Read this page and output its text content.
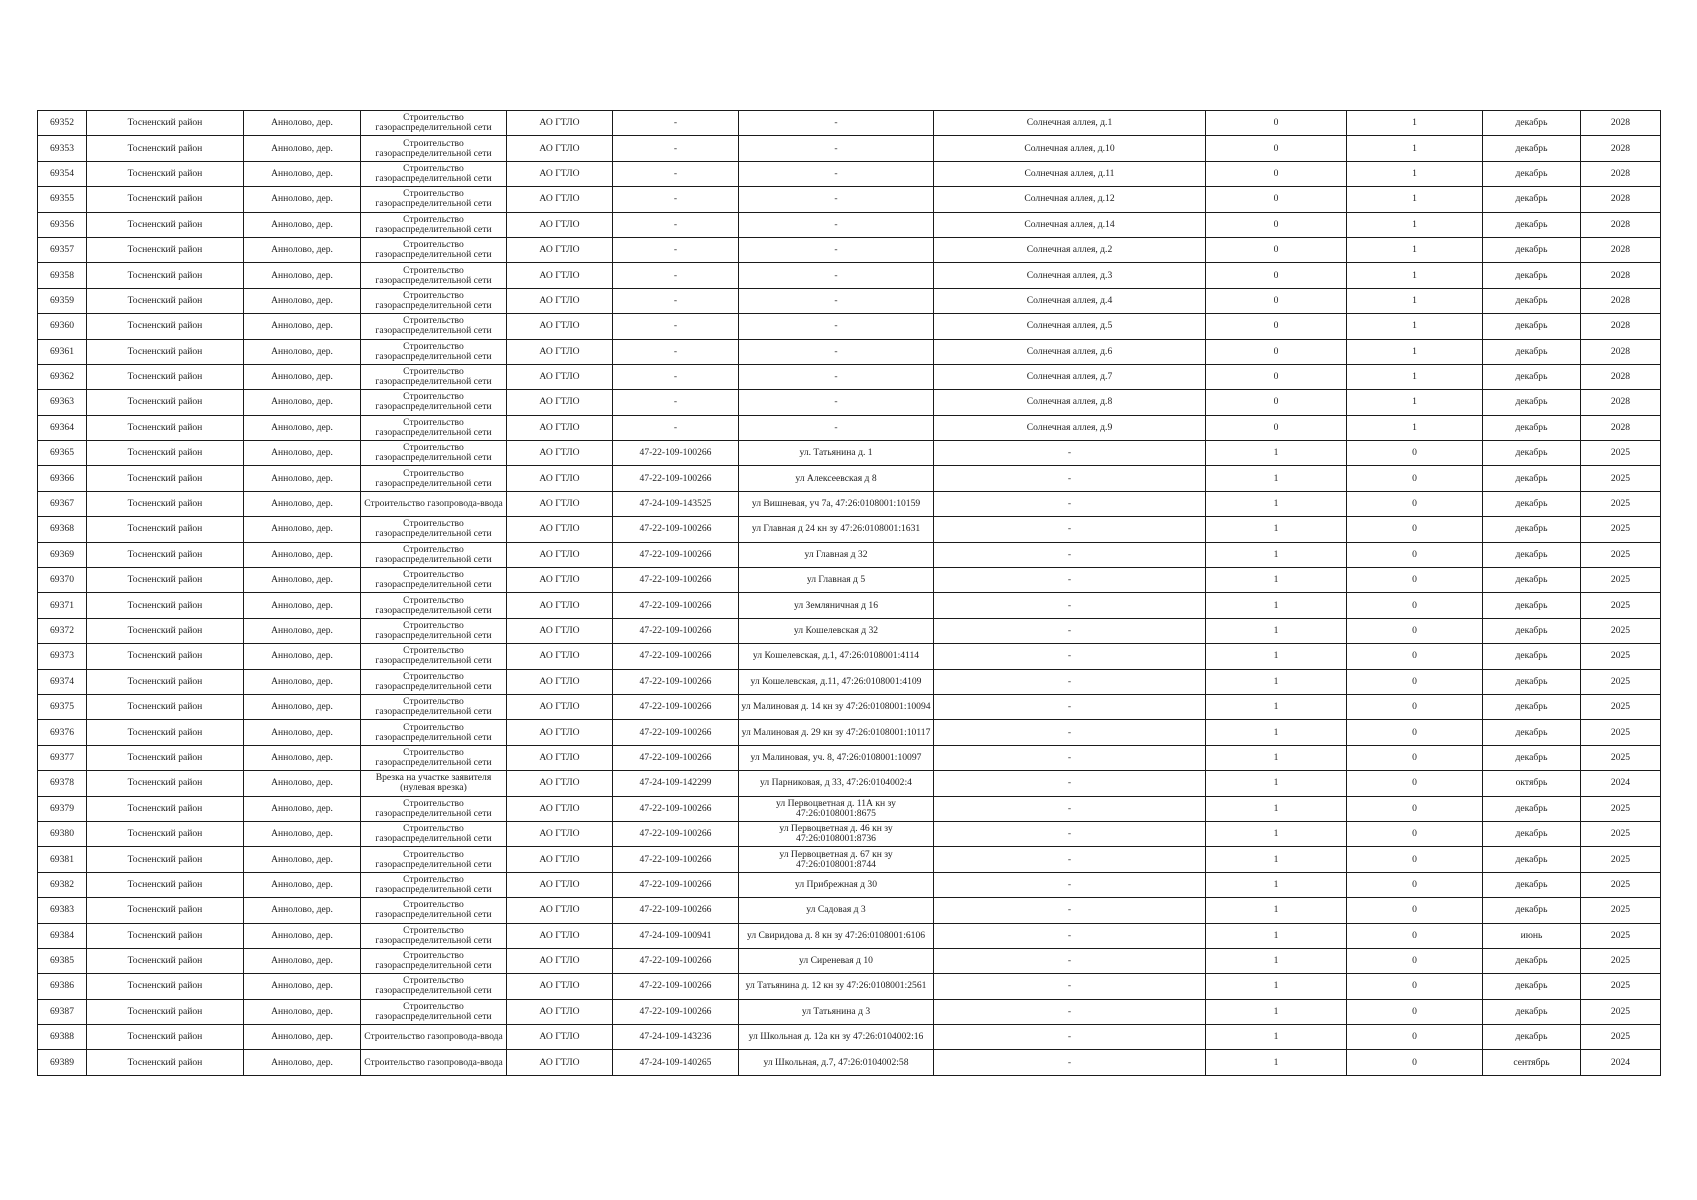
69352	Тосненский район	Аннолово, дер.	Строительство газораспределительной сети	АО ГТЛО	-	-	Солнечная аллея, д.1	0	1	декабрь	2028
69353	Тосненский район	Аннолово, дер.	Строительство газораспределительной сети	АО ГТЛО	-	-	Солнечная аллея, д.10	0	1	декабрь	2028
69354	Тосненский район	Аннолово, дер.	Строительство газораспределительной сети	АО ГТЛО	-	-	Солнечная аллея, д.11	0	1	декабрь	2028
69355	Тосненский район	Аннолово, дер.	Строительство газораспределительной сети	АО ГТЛО	-	-	Солнечная аллея, д.12	0	1	декабрь	2028
69356	Тосненский район	Аннолово, дер.	Строительство газораспределительной сети	АО ГТЛО	-	-	Солнечная аллея, д.14	0	1	декабрь	2028
69357	Тосненский район	Аннолово, дер.	Строительство газораспределительной сети	АО ГТЛО	-	-	Солнечная аллея, д.2	0	1	декабрь	2028
69358	Тосненский район	Аннолово, дер.	Строительство газораспределительной сети	АО ГТЛО	-	-	Солнечная аллея, д.3	0	1	декабрь	2028
69359	Тосненский район	Аннолово, дер.	Строительство газораспределительной сети	АО ГТЛО	-	-	Солнечная аллея, д.4	0	1	декабрь	2028
69360	Тосненский район	Аннолово, дер.	Строительство газораспределительной сети	АО ГТЛО	-	-	Солнечная аллея, д.5	0	1	декабрь	2028
69361	Тосненский район	Аннолово, дер.	Строительство газораспределительной сети	АО ГТЛО	-	-	Солнечная аллея, д.6	0	1	декабрь	2028
69362	Тосненский район	Аннолово, дер.	Строительство газораспределительной сети	АО ГТЛО	-	-	Солнечная аллея, д.7	0	1	декабрь	2028
69363	Тосненский район	Аннолово, дер.	Строительство газораспределительной сети	АО ГТЛО	-	-	Солнечная аллея, д.8	0	1	декабрь	2028
69364	Тосненский район	Аннолово, дер.	Строительство газораспределительной сети	АО ГТЛО	-	-	Солнечная аллея, д.9	0	1	декабрь	2028
69365	Тосненский район	Аннолово, дер.	Строительство газораспределительной сети	АО ГТЛО	47-22-109-100266	ул. Татьянина д. 1	-	1	0	декабрь	2025
69366	Тосненский район	Аннолово, дер.	Строительство газораспределительной сети	АО ГТЛО	47-22-109-100266	ул Алексеевская д 8	-	1	0	декабрь	2025
69367	Тосненский район	Аннолово, дер.	Строительство газопровода-ввода	АО ГТЛО	47-24-109-143525	ул Вишневая, уч 7а, 47:26:0108001:10159	-	1	0	декабрь	2025
69368	Тосненский район	Аннолово, дер.	Строительство газораспределительной сети	АО ГТЛО	47-22-109-100266	ул Главная д 24 кн зу 47:26:0108001:1631	-	1	0	декабрь	2025
69369	Тосненский район	Аннолово, дер.	Строительство газораспределительной сети	АО ГТЛО	47-22-109-100266	ул Главная д 32	-	1	0	декабрь	2025
69370	Тосненский район	Аннолово, дер.	Строительство газораспределительной сети	АО ГТЛО	47-22-109-100266	ул Главная д 5	-	1	0	декабрь	2025
69371	Тосненский район	Аннолово, дер.	Строительство газораспределительной сети	АО ГТЛО	47-22-109-100266	ул Земляничная д 16	-	1	0	декабрь	2025
69372	Тосненский район	Аннолово, дер.	Строительство газораспределительной сети	АО ГТЛО	47-22-109-100266	ул Кошелевская д 32	-	1	0	декабрь	2025
69373	Тосненский район	Аннолово, дер.	Строительство газораспределительной сети	АО ГТЛО	47-22-109-100266	ул Кошелевская, д.1, 47:26:0108001:4114	-	1	0	декабрь	2025
69374	Тосненский район	Аннолово, дер.	Строительство газораспределительной сети	АО ГТЛО	47-22-109-100266	ул Кошелевская, д.11, 47:26:0108001:4109	-	1	0	декабрь	2025
69375	Тосненский район	Аннолово, дер.	Строительство газораспределительной сети	АО ГТЛО	47-22-109-100266	ул Малиновая д. 14 кн зу 47:26:0108001:10094	-	1	0	декабрь	2025
69376	Тосненский район	Аннолово, дер.	Строительство газораспределительной сети	АО ГТЛО	47-22-109-100266	ул Малиновая д. 29 кн зу 47:26:0108001:10117	-	1	0	декабрь	2025
69377	Тосненский район	Аннолово, дер.	Строительство газораспределительной сети	АО ГТЛО	47-22-109-100266	ул Малиновая, уч. 8, 47:26:0108001:10097	-	1	0	декабрь	2025
69378	Тосненский район	Аннолово, дер.	Врезка на участке заявителя (нулевая врезка)	АО ГТЛО	47-24-109-142299	ул Парниковая, д 33, 47:26:0104002:4	-	1	0	октябрь	2024
69379	Тосненский район	Аннолово, дер.	Строительство газораспределительной сети	АО ГТЛО	47-22-109-100266	ул Первоцветная д. 11А кн зу 47:26:0108001:8675	-	1	0	декабрь	2025
69380	Тосненский район	Аннолово, дер.	Строительство газораспределительной сети	АО ГТЛО	47-22-109-100266	ул Первоцветная д. 46 кн зу 47:26:0108001:8736	-	1	0	декабрь	2025
69381	Тосненский район	Аннолово, дер.	Строительство газораспределительной сети	АО ГТЛО	47-22-109-100266	ул Первоцветная д. 67 кн зу 47:26:0108001:8744	-	1	0	декабрь	2025
69382	Тосненский район	Аннолово, дер.	Строительство газораспределительной сети	АО ГТЛО	47-22-109-100266	ул Прибрежная д 30	-	1	0	декабрь	2025
69383	Тосненский район	Аннолово, дер.	Строительство газораспределительной сети	АО ГТЛО	47-22-109-100266	ул Садовая д 3	-	1	0	декабрь	2025
69384	Тосненский район	Аннолово, дер.	Строительство газораспределительной сети	АО ГТЛО	47-24-109-100941	ул Свиридова д. 8 кн зу 47:26:0108001:6106	-	1	0	июнь	2025
69385	Тосненский район	Аннолово, дер.	Строительство газораспределительной сети	АО ГТЛО	47-22-109-100266	ул Сиреневая д 10	-	1	0	декабрь	2025
69386	Тосненский район	Аннолово, дер.	Строительство газораспределительной сети	АО ГТЛО	47-22-109-100266	ул Татьянина д. 12 кн зу 47:26:0108001:2561	-	1	0	декабрь	2025
69387	Тосненский район	Аннолово, дер.	Строительство газораспределительной сети	АО ГТЛО	47-22-109-100266	ул Татьянина д 3	-	1	0	декабрь	2025
69388	Тосненский район	Аннолово, дер.	Строительство газопровода-ввода	АО ГТЛО	47-24-109-143236	ул Школьная д. 12а кн зу 47:26:0104002:16	-	1	0	декабрь	2025
69389	Тосненский район	Аннолово, дер.	Строительство газопровода-ввода	АО ГТЛО	47-24-109-140265	ул Школьная, д.7, 47:26:0104002:58	-	1	0	сентябрь	2024
